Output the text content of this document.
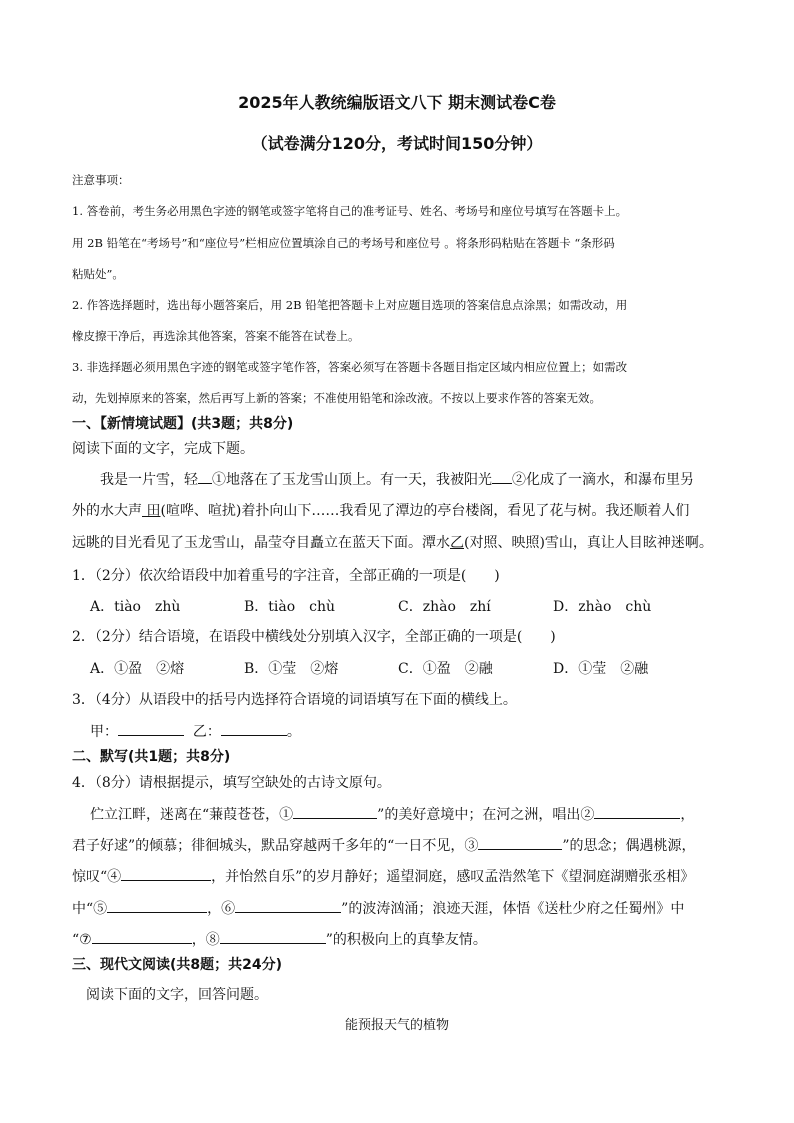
2025年人教统编版语文八下 期末测试卷C卷
（试卷满分120分，考试时间150分钟）
注意事项：
1. 答卷前，考生务必用黑色字迹的钢笔或签字笔将自己的准考证号、姓名、考场号和座位号填写在答题卡上。
用 2B 铅笔在“考场号”和“座位号”栏相应位置填涂自己的考场号和座位号 。将条形码粘贴在答题卡 “条形码
粘贴处”。
2. 作答选择题时，选出每小题答案后，用 2B 铅笔把答题卡上对应题目选项的答案信息点涂黑；如需改动，用
橡皮擦干净后，再选涂其他答案，答案不能答在试卷上。
3. 非选择题必须用黑色字迹的钢笔或签字笔作答，答案必须写在答题卡各题目指定区域内相应位置上；如需改
动，先划掉原来的答案，然后再写上新的答案；不准使用铅笔和涂改液。不按以上要求作答的答案无效。
一、【新情境试题】(共3题；共8分)
阅读下面的文字，完成下题。
我是一片雪，轻 ①地落在了玉龙雪山顶上。有一天，我被阳光 ②化成了一滴水，和瀑布里另
外的水大声 田(喧哗、喧扰)着扑向山下……我看见了潭边的亭台楼阁，看见了花与树。我还顺着人们
远眺的目光看见了玉龙雪山，晶莹夺目矗立在蓝天下面。潭水乙(对照、映照)雪山，真让人目眩神迷啊。
1．（2分）依次给语段中加着重号的字注音，全部正确的一项是(　　)
A．tiào　zhù	B．tiào　chù	C．zhào　zhí	D．zhào　chù
2．（2分）结合语境，在语段中横线处分别填入汉字，全部正确的一项是(　　)
A．①盈　②熔	B．①莹　②熔	C．①盈　②融	D．①莹　②融
3．（4分）从语段中的括号内选择符合语境的词语填写在下面的横线上。
甲：	乙：	。
二、默写(共1题；共8分)
4．（8分）请根据提示，填写空缺处的古诗文原句。
伫立江畔，迷离在“蒹葭苍苍，①	”的美好意境中；在河之洲，唱出②	，
君子好逑”的倾慕；徘徊城头，默品穿越两千多年的“一日不见，③	”的思念；偶遇桃源，
惊叹“④	，并怡然自乐”的岁月静好；遥望洞庭，感叹孟浩然笔下《望洞庭湖赠张丞相》
中“⑤	，⑥	”的波涛汹涌；浪迹天涯，体悟《送杜少府之任蜀州》中
“⑦	，⑧	”的积极向上的真挚友情。
三、现代文阅读(共8题；共24分)
阅读下面的文字，回答问题。
能预报天气的植物
